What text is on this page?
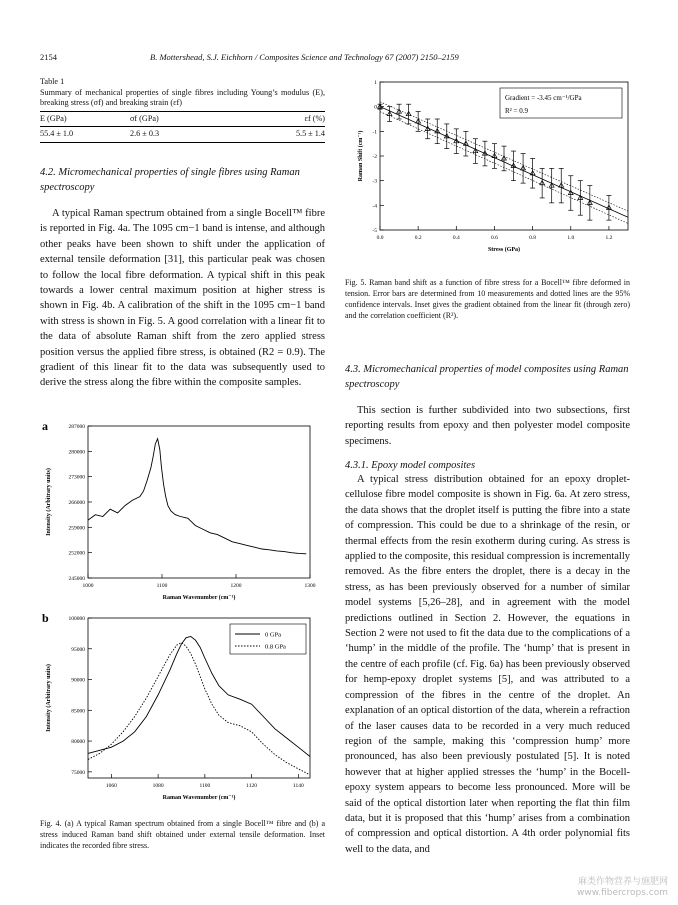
2154	B. Mottershead, S.J. Eichhorn / Composites Science and Technology 67 (2007) 2150–2159
Table 1
Summary of mechanical properties of single fibres including Young’s modulus (E), breaking stress (σf) and breaking strain (εf)
E (GPa)	σf (GPa)	εf (%)
55.4 ± 1.0	2.6 ± 0.3	5.5 ± 1.4
4.2. Micromechanical properties of single fibres using Raman spectroscopy

A typical Raman spectrum obtained from a single Bocell™ fibre is reported in Fig. 4a. The 1095 cm−1 band is intense, and although other peaks have been shown to shift under the application of external tensile deformation [31], this particular peak was chosen to follow the local fibre deformation. A typical shift in this peak towards a lower central maximum position at higher stress is shown in Fig. 4b. A calibration of the shift in the 1095 cm−1 band with stress is shown in Fig. 5. A good correlation with a linear fit to the data of absolute Raman shift from the zero applied stress position versus the applied fibre stress, is obtained (R2 = 0.9). The gradient of this linear fit to the data was subsequently used to derive the stress along the fibre within the composite samples.

1000	1100	1200	1300
245000
252000
259000
266000
273000
280000
287000
Raman Wavenumber (cm⁻¹)
Intensity (Arbitrary units)
a
1060	1080	1100	1120	1140
75000
80000
85000
90000
95000
100000
Raman Wavenumber (cm⁻¹)
Intensity (Arbitrary units)
b
0 GPa
0.8 GPa
Fig. 4. (a) A typical Raman spectrum obtained from a single Bocell™ fibre and (b) a stress induced Raman band shift obtained under external tensile deformation. Inset indicates the recorded fibre stress.
0.0	0.2	0.4	0.6	0.8	1.0	1.2
1
0
-1
-2
-3
-4
-5
Stress (GPa)
Raman Shift (cm⁻¹)
Gradient = -3.45 cm⁻¹/GPa
R² = 0.9
Fig. 5. Raman band shift as a function of fibre stress for a Bocell™ fibre deformed in tension. Error bars are determined from 10 measurements and dotted lines are the 95% confidence intervals. Inset gives the gradient obtained from the linear fit (through zero) and the correlation coefficient (R²).
4.3. Micromechanical properties of model composites using Raman spectroscopy

This section is further subdivided into two subsections, first reporting results from epoxy and then polyester model composite specimens.

4.3.1. Epoxy model composites

A typical stress distribution obtained for an epoxy droplet-cellulose fibre model composite is shown in Fig. 6a. At zero stress, the data shows that the droplet itself is putting the fibre into a state of compression. This could be due to a shrinkage of the resin, or thermal effects from the resin exotherm during curing. As stress is applied to the composite, this residual compression is incrementally removed. As the fibre enters the droplet, there is a decay in the stress, as has been previously observed for a number of similar model systems [5,26–28], and in agreement with the model predictions outlined in Section 2. However, the equations in Section 2 were not used to fit the data due to the complications of a ‘hump’ in the middle of the profile. The ‘hump’ that is present in the centre of each profile (cf. Fig. 6a) has been previously observed for hemp-epoxy droplet systems [5], and was attributed to a compression of the fibres in the centre of the droplet. An explanation of an optical distortion of the data, wherein a refraction of the laser causes data to be recorded in a very much reduced region of the sample, making this ‘compression hump’ more pronounced, has also been previously postulated [5]. It is noted however that at higher applied stresses the ‘hump’ in the Bocell-epoxy system appears to become less pronounced. More will be said of the optical distortion later when reporting the flat thin film data, but it is proposed that this ‘hump’ arises from a combination of compression and optical distortion. A 4th order polynomial fits well to the data, and

麻类作物营养与施肥网
www.fibercrops.com
